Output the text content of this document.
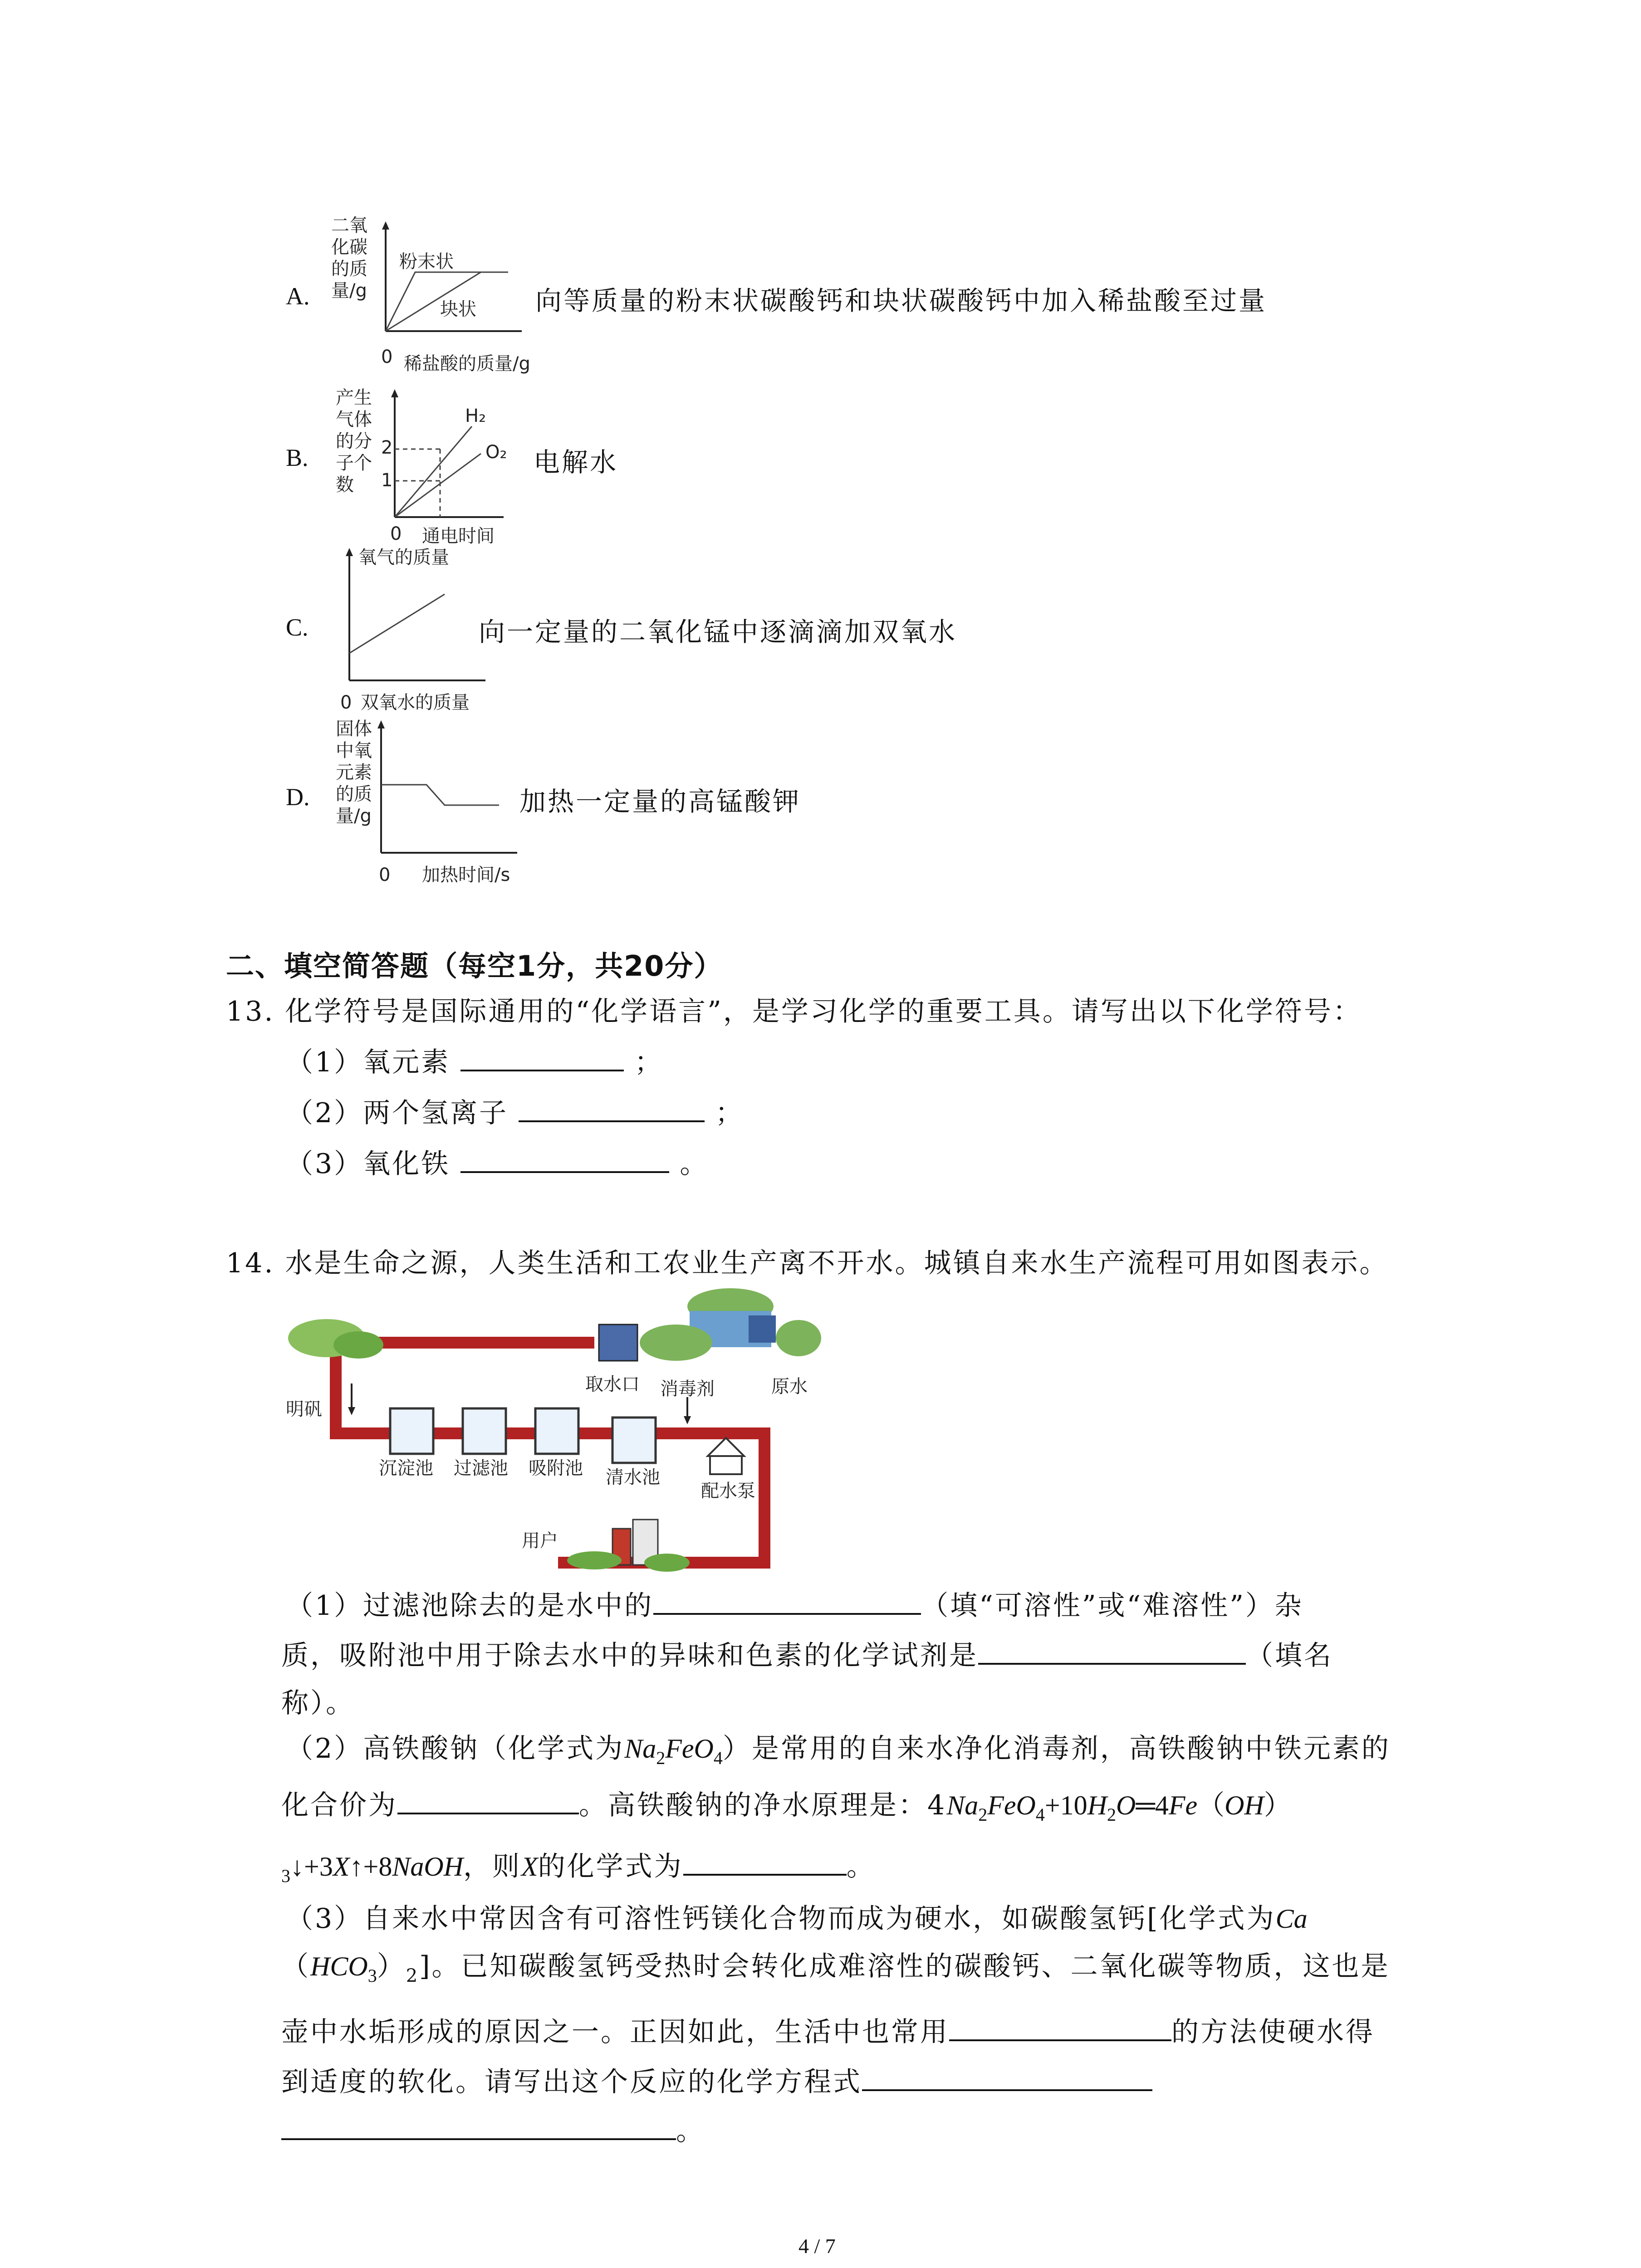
二氧
化碳
的质
量/g
粉末状
块状
0 稀盐酸的质量/g
A.	向等质量的粉末状碳酸钙和块状碳酸钙中加入稀盐酸至过量
产生
气体
的分
子个
数
2
1
H₂
O₂
0 通电时间
B.	电解水
氧气的质量
0 双氧水的质量
C.	向一定量的二氧化锰中逐滴滴加双氧水
固体
中氧
元素
的质
量/g
0 加热时间/s
D.	加热一定量的高锰酸钾
二、填空简答题（每空1分，共20分）
13. 化学符号是国际通用的“化学语言”，是学习化学的重要工具。请写出以下化学符号：
（1）氧元素	；
（2）两个氢离子	；
（3）氧化铁	。
14. 水是生命之源，人类生活和工农业生产离不开水。城镇自来水生产流程可用如图表示。
取水口	原水
明矾
消毒剂
沉淀池 过滤池 吸附池 清水池
配水泵
用户
（1）过滤池除去的是水中的	（填“可溶性”或“难溶性”）杂
质，吸附池中用于除去水中的异味和色素的化学试剂是	（填名
称）。
（2）高铁酸钠（化学式为$Na_2FeO_4$）是常用的自来水净化消毒剂，高铁酸钠中铁元素的
化合价为	。高铁酸钠的净水原理是：$4Na_2FeO_4+10H_2O═4Fe(OH)$
$_3$↓+3X↑+8NaOH，则X的化学式为	。
（3）自来水中常因含有可溶性钙镁化合物而成为硬水，如碳酸氢钙[化学式为Ca
$(HCO_3)_2$]。已知碳酸氢钙受热时会转化成难溶性的碳酸钙、二氧化碳等物质，这也是
壶中水垢形成的原因之一。正因如此，生活中也常用	的方法使硬水得
到适度的软化。请写出这个反应的化学方程式
。
4 / 7
